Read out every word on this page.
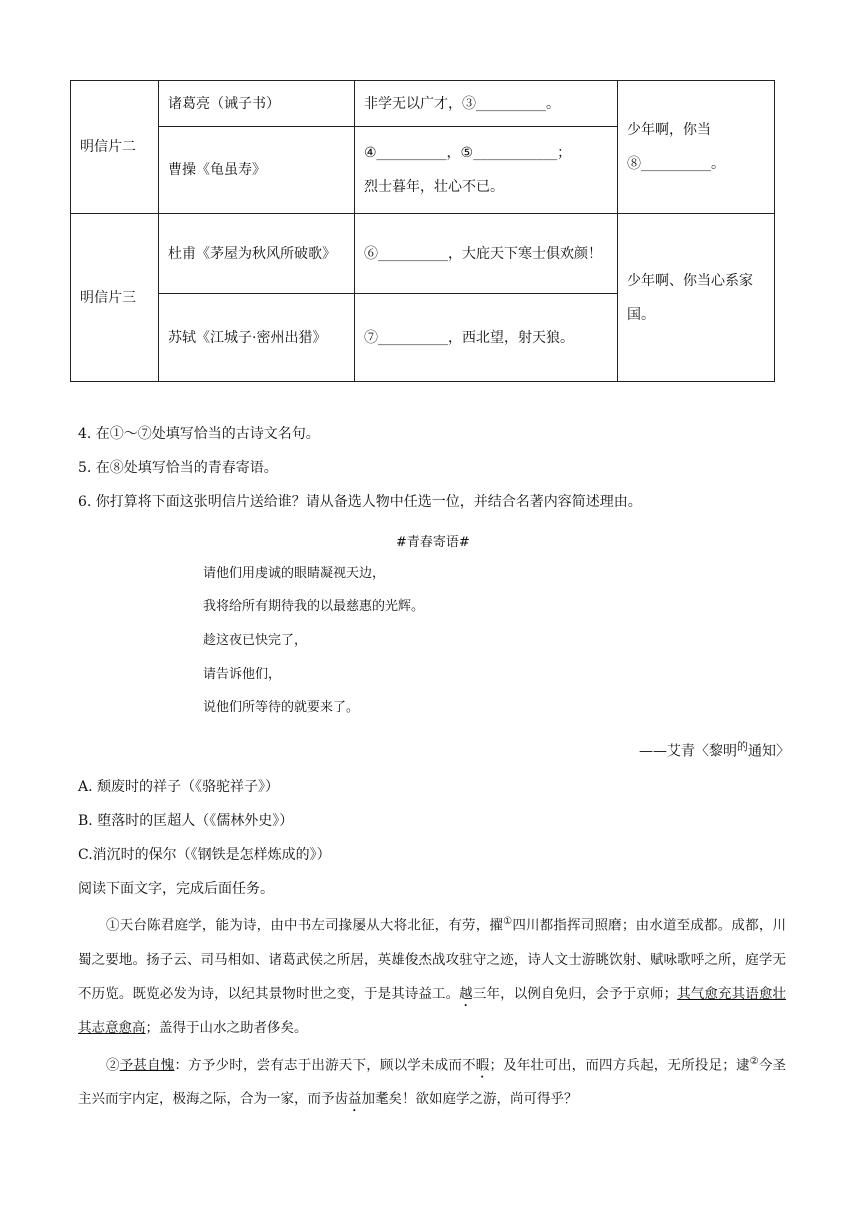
明信片二	诸葛亮（诫子书）	非学无以广才，③__________。	少年啊，你当⑧__________。
	曹操《龟虽寿》	④__________，⑤____________；
烈士暮年，壮心不已。	

明信片三	杜甫《茅屋为秋风所破歌》	⑥__________，大庇天下寒士俱欢颜！	少年啊、你当心系家国。
	苏轼《江城子·密州出猎》	⑦__________，西北望，射天狼。	
4. 在①～⑦处填写恰当的古诗文名句。
5. 在⑧处填写恰当的青春寄语。
6. 你打算将下面这张明信片送给谁？请从备选人物中任选一位，并结合名著内容简述理由。
#青春寄语#
请他们用虔诚的眼睛凝视天边，
我将给所有期待我的以最慈惠的光辉。
趁这夜已快完了，
请告诉他们，
说他们所等待的就要来了。
——艾青〈黎明$^的$通知〉
A. 颓废时的祥子（《骆驼祥子》）
B. 堕落时的匡超人（《儒林外史》）
C.消沉时的保尔（《钢铁是怎样炼成的》）
阅读下面文字，完成后面任务。

①天台陈君庭学，能为诗，由中书左司掾屡从大将北征，有劳，擢①四川都指挥司照磨；由水道至成都。成都，川蜀之要地。扬子云、司马相如、诸葛武侯之所居，英雄俊杰战攻驻守之迹，诗人文士游眺饮射、赋咏歌呼之所，庭学无不历览。既览必发为诗，以纪其景物时世之变，于是其诗益工。越三年，以例自免归，会予于京师；其气愈充其语愈壮其志意愈高；盖得于山水之助者侈矣。

②予甚自愧：方予少时，尝有志于出游天下，顾以学未成而不暇；及年壮可出，而四方兵起，无所投足；逮②今圣主兴而宇内定，极海之际，合为一家，而予齿益加耄矣！欲如庭学之游，尚可得乎？
